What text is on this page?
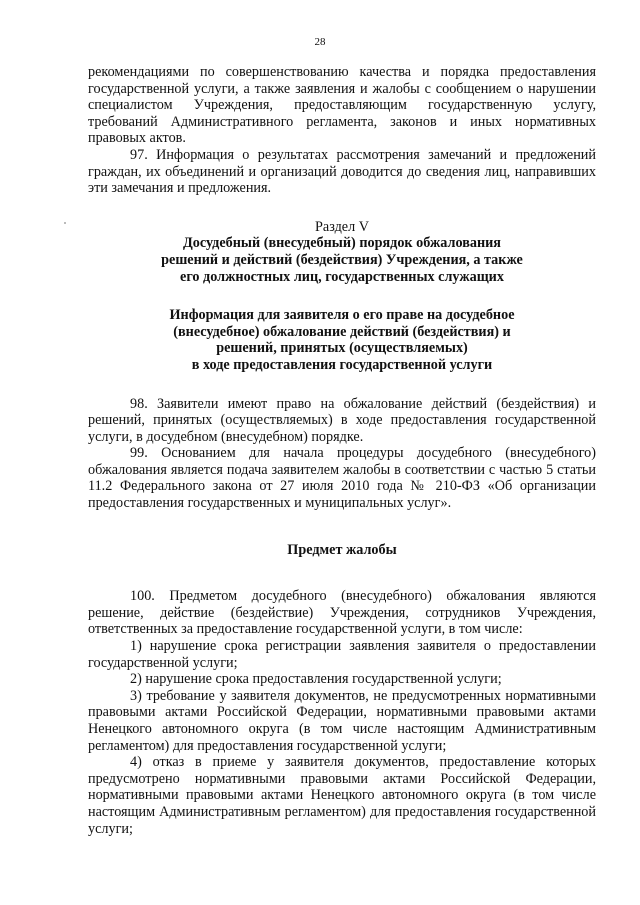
28

рекомендациями по совершенствованию качества и порядка предоставления государственной услуги, а также заявления и жалобы с сообщением о нарушении специалистом Учреждения, предоставляющим государственную услугу, требований Административного регламента, законов и иных нормативных правовых актов.

97. Информация о результатах рассмотрения замечаний и предложений граждан, их объединений и организаций доводится до сведения лиц, направивших эти замечания и предложения.

Раздел V
Досудебный (внесудебный) порядок обжалования
решений и действий (бездействия) Учреждения, а также
его должностных лиц, государственных служащих
Информация для заявителя о его праве на досудебное
(внесудебное) обжалование действий (бездействия) и
решений, принятых (осуществляемых)
в ходе предоставления государственной услуги

98. Заявители имеют право на обжалование действий (бездействия) и решений, принятых (осуществляемых) в ходе предоставления государственной услуги, в досудебном (внесудебном) порядке.

99. Основанием для начала процедуры досудебного (внесудебного) обжалования является подача заявителем жалобы в соответствии с частью 5 статьи 11.2 Федерального закона от 27 июля 2010 года № 210-ФЗ «Об организации предоставления государственных и муниципальных услуг».

Предмет жалобы

100. Предметом досудебного (внесудебного) обжалования являются решение, действие (бездействие) Учреждения, сотрудников Учреждения, ответственных за предоставление государственной услуги, в том числе:

1) нарушение срока регистрации заявления заявителя о предоставлении государственной услуги;

2) нарушение срока предоставления государственной услуги;

3) требование у заявителя документов, не предусмотренных нормативными правовыми актами Российской Федерации, нормативными правовыми актами Ненецкого автономного округа (в том числе настоящим Административным регламентом) для предоставления государственной услуги;

4) отказ в приеме у заявителя документов, предоставление которых предусмотрено нормативными правовыми актами Российской Федерации, нормативными правовыми актами Ненецкого автономного округа (в том числе настоящим Административным регламентом) для предоставления государственной услуги;
